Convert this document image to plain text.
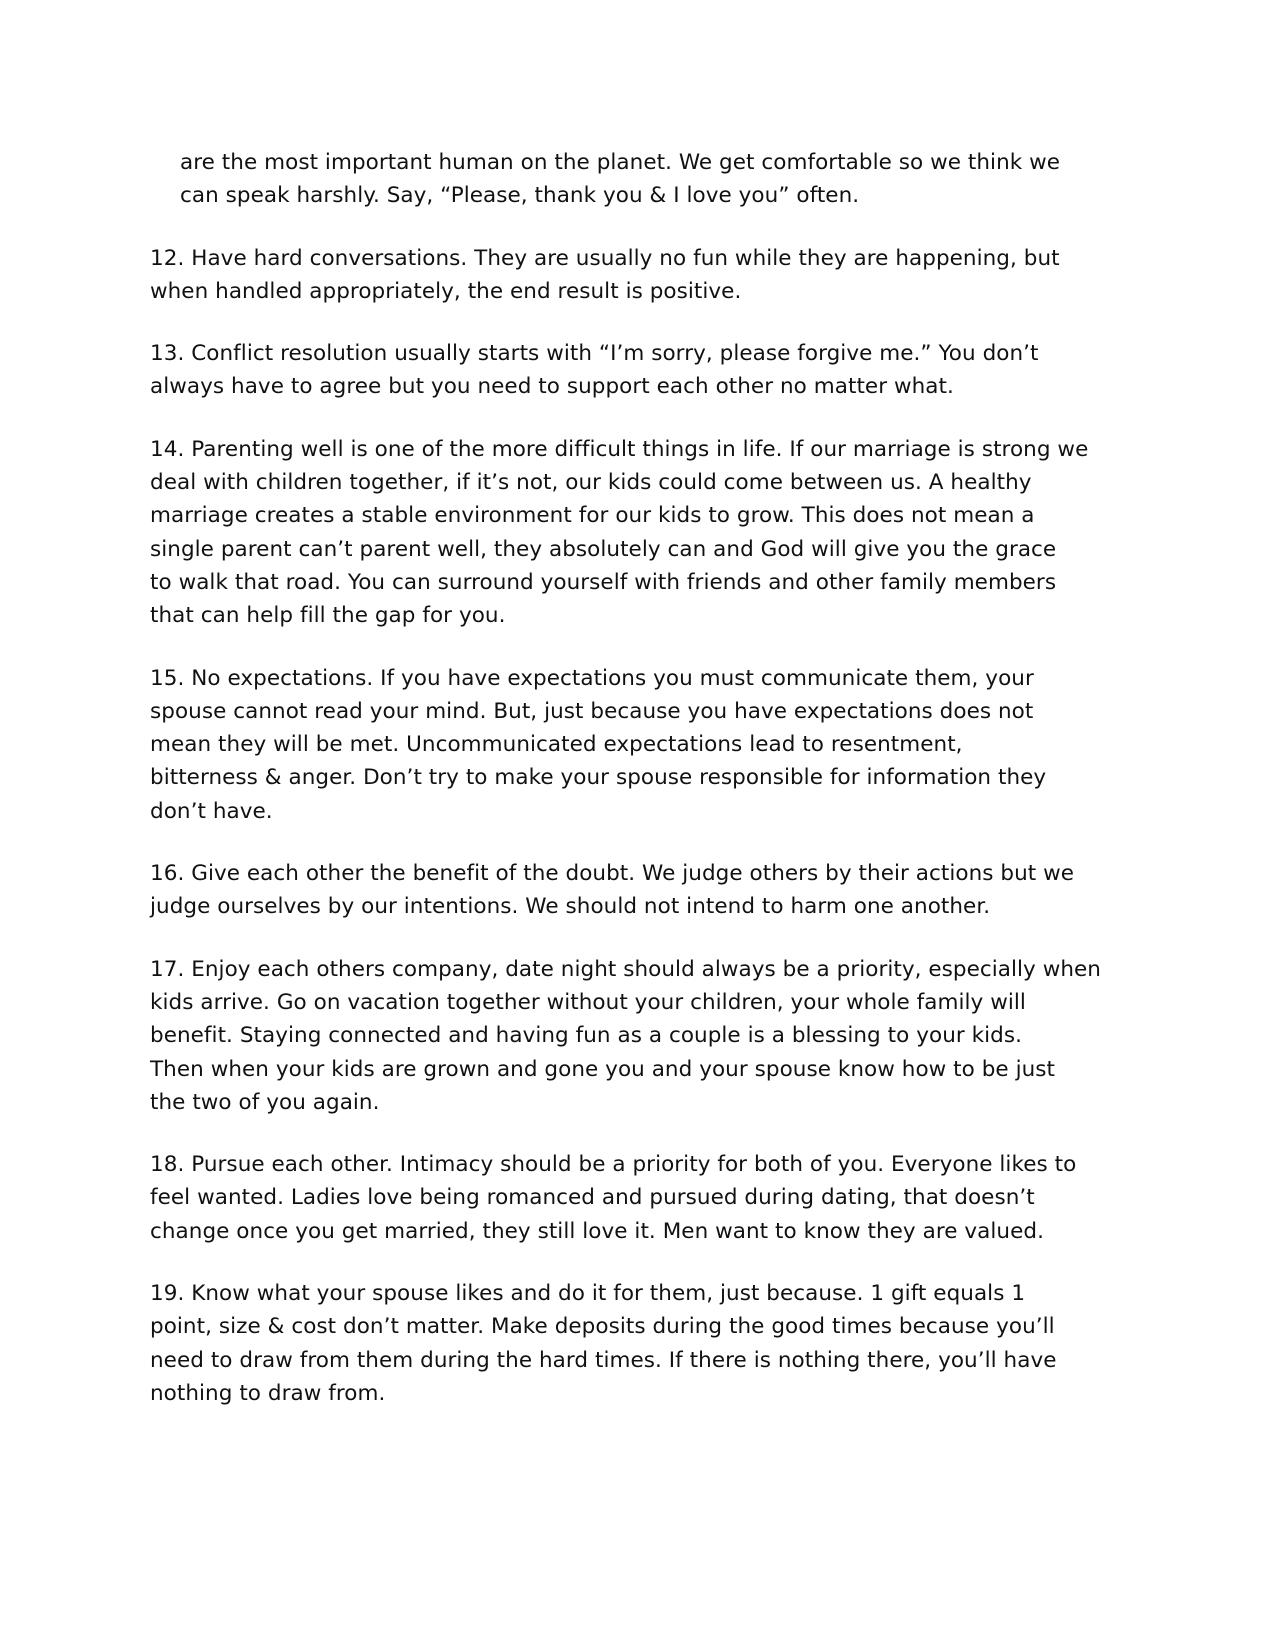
are the most important human on the planet. We get comfortable so we think we
can speak harshly. Say, “Please, thank you & I love you” often.
12. Have hard conversations. They are usually no fun while they are happening, but
when handled appropriately, the end result is positive.
13. Conflict resolution usually starts with “I’m sorry, please forgive me.” You don’t
always have to agree but you need to support each other no matter what.
14. Parenting well is one of the more difficult things in life. If our marriage is strong we
deal with children together, if it’s not, our kids could come between us. A healthy
marriage creates a stable environment for our kids to grow. This does not mean a
single parent can’t parent well, they absolutely can and God will give you the grace
to walk that road. You can surround yourself with friends and other family members
that can help fill the gap for you.
15. No expectations. If you have expectations you must communicate them, your
spouse cannot read your mind. But, just because you have expectations does not
mean they will be met. Uncommunicated expectations lead to resentment,
bitterness & anger. Don’t try to make your spouse responsible for information they
don’t have.
16. Give each other the benefit of the doubt. We judge others by their actions but we
judge ourselves by our intentions. We should not intend to harm one another.
17. Enjoy each others company, date night should always be a priority, especially when
kids arrive. Go on vacation together without your children, your whole family will
benefit. Staying connected and having fun as a couple is a blessing to your kids.
Then when your kids are grown and gone you and your spouse know how to be just
the two of you again.
18. Pursue each other. Intimacy should be a priority for both of you. Everyone likes to
feel wanted. Ladies love being romanced and pursued during dating, that doesn’t
change once you get married, they still love it. Men want to know they are valued.
19. Know what your spouse likes and do it for them, just because. 1 gift equals 1
point, size & cost don’t matter. Make deposits during the good times because you’ll
need to draw from them during the hard times. If there is nothing there, you’ll have
nothing to draw from.
